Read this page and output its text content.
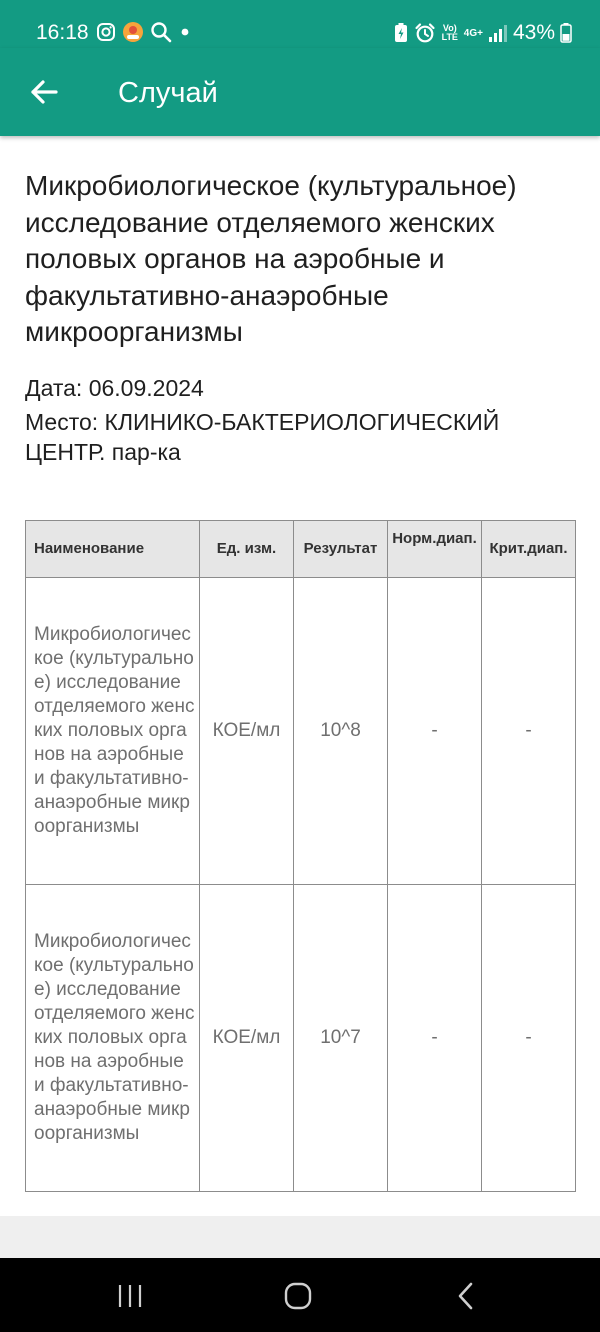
16:18	Vo) LTE 4G+ 43%
Случай
Микробиологическое (культуральное) исследование отделяемого женских половых органов на аэробные и факультативно-анаэробные микроорганизмы
Дата: 06.09.2024
Место: КЛИНИКО-БАКТЕРИОЛОГИЧЕСКИЙ ЦЕНТР. пар-ка
Наименование	Ед. изм.	Результат	Норм.диап.	Крит.диап.
Микробиологическое (культуральное) исследование отделяемого женских половых органов на аэробные и факультативно-анаэробные микроорганизмы	КОЕ/мл	10^8	-	-
Микробиологическое (культуральное) исследование отделяемого женских половых органов на аэробные и факультативно-анаэробные микроорганизмы	КОЕ/мл	10^7	-	-
